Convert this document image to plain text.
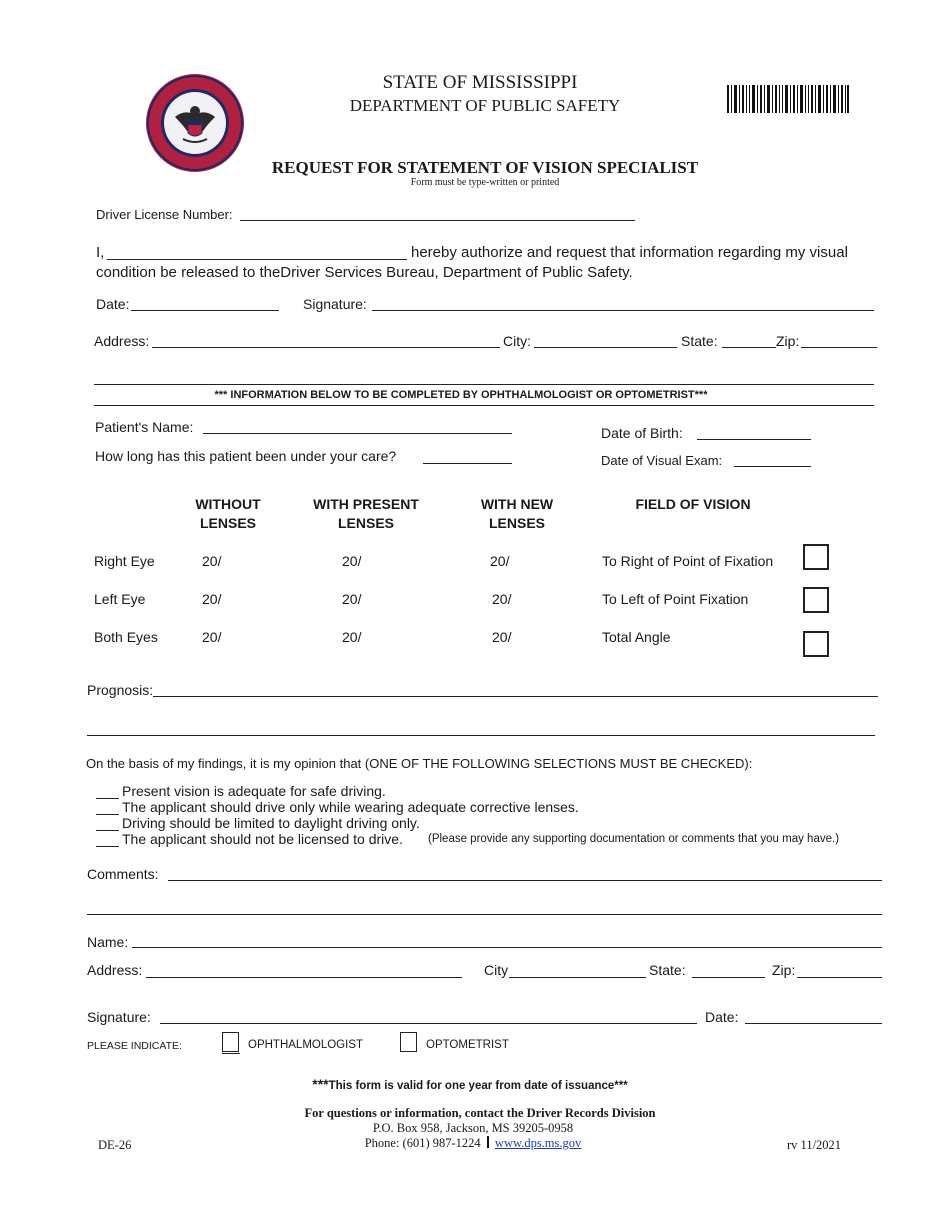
STATE OF MISSISSIPPI
DEPARTMENT OF PUBLIC SAFETY
REQUEST FOR STATEMENT OF VISION SPECIALIST
Form must be type-written or printed
Driver License Number:
I,	hereby authorize and request that information regarding my visual
condition be released to theDriver Services Bureau, Department of Public Safety.
Date:	Signature:
Address:	City:	State:	Zip:
*** INFORMATION BELOW TO BE COMPLETED BY OPHTHALMOLOGIST OR OPTOMETRIST***
Patient's Name:	Date of Birth:
How long has this patient been under your care?	Date of Visual Exam:
WITHOUT
LENSES
WITH PRESENT
LENSES
WITH NEW
LENSES
FIELD OF VISION
Right Eye	20/	20/	20/	To Right of Point of Fixation
Left Eye	20/	20/	20/	To Left of Point Fixation
Both Eyes	20/	20/	20/	Total Angle
Prognosis:
On the basis of my findings, it is my opinion that (ONE OF THE FOLLOWING SELECTIONS MUST BE CHECKED):
Present vision is adequate for safe driving.
The applicant should drive only while wearing adequate corrective lenses.
Driving should be limited to daylight driving only.
The applicant should not be licensed to drive. (Please provide any supporting documentation or comments that you may have.)
Comments:
Name:
Address:	City	State:	Zip:
Signature:	Date:
PLEASE INDICATE:	OPHTHALMOLOGIST	OPTOMETRIST
***This form is valid for one year from date of issuance***
For questions or information, contact the Driver Records Division
P.O. Box 958, Jackson, MS 39205-0958
Phone: (601) 987-1224 www.dps.ms.gov
DE-26	rv 11/2021
